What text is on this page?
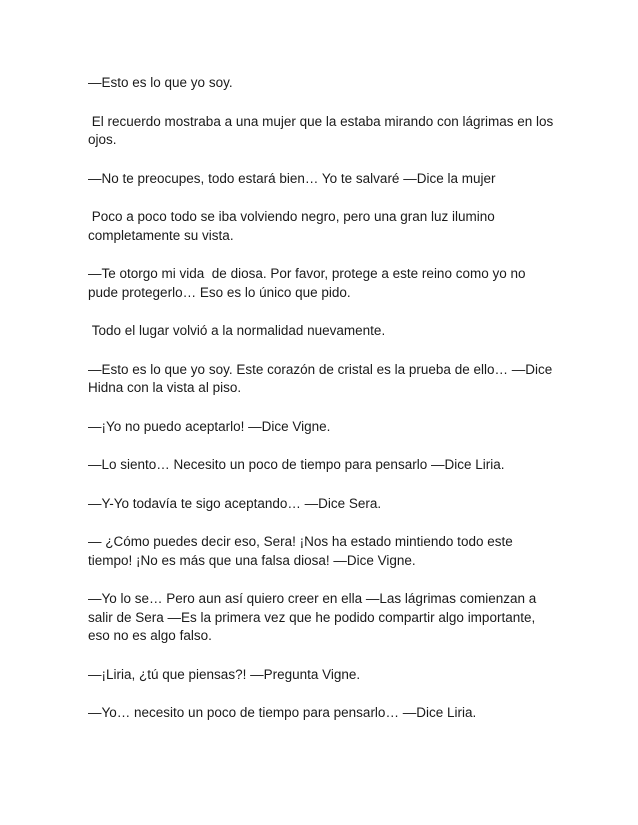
—Esto es lo que yo soy.

El recuerdo mostraba a una mujer que la estaba mirando con lágrimas en los ojos.

—No te preocupes, todo estará bien… Yo te salvaré —Dice la mujer

Poco a poco todo se iba volviendo negro, pero una gran luz ilumino completamente su vista.

—Te otorgo mi vida  de diosa. Por favor, protege a este reino como yo no pude protegerlo… Eso es lo único que pido.

Todo el lugar volvió a la normalidad nuevamente.

—Esto es lo que yo soy. Este corazón de cristal es la prueba de ello… —Dice Hidna con la vista al piso.

—¡Yo no puedo aceptarlo! —Dice Vigne.

—Lo siento… Necesito un poco de tiempo para pensarlo —Dice Liria.

—Y-Yo todavía te sigo aceptando… —Dice Sera.

— ¿Cómo puedes decir eso, Sera! ¡Nos ha estado mintiendo todo este tiempo! ¡No es más que una falsa diosa! —Dice Vigne.

—Yo lo se… Pero aun así quiero creer en ella —Las lágrimas comienzan a salir de Sera —Es la primera vez que he podido compartir algo importante, eso no es algo falso.

—¡Liria, ¿tú que piensas?! —Pregunta Vigne.

—Yo… necesito un poco de tiempo para pensarlo… —Dice Liria.
